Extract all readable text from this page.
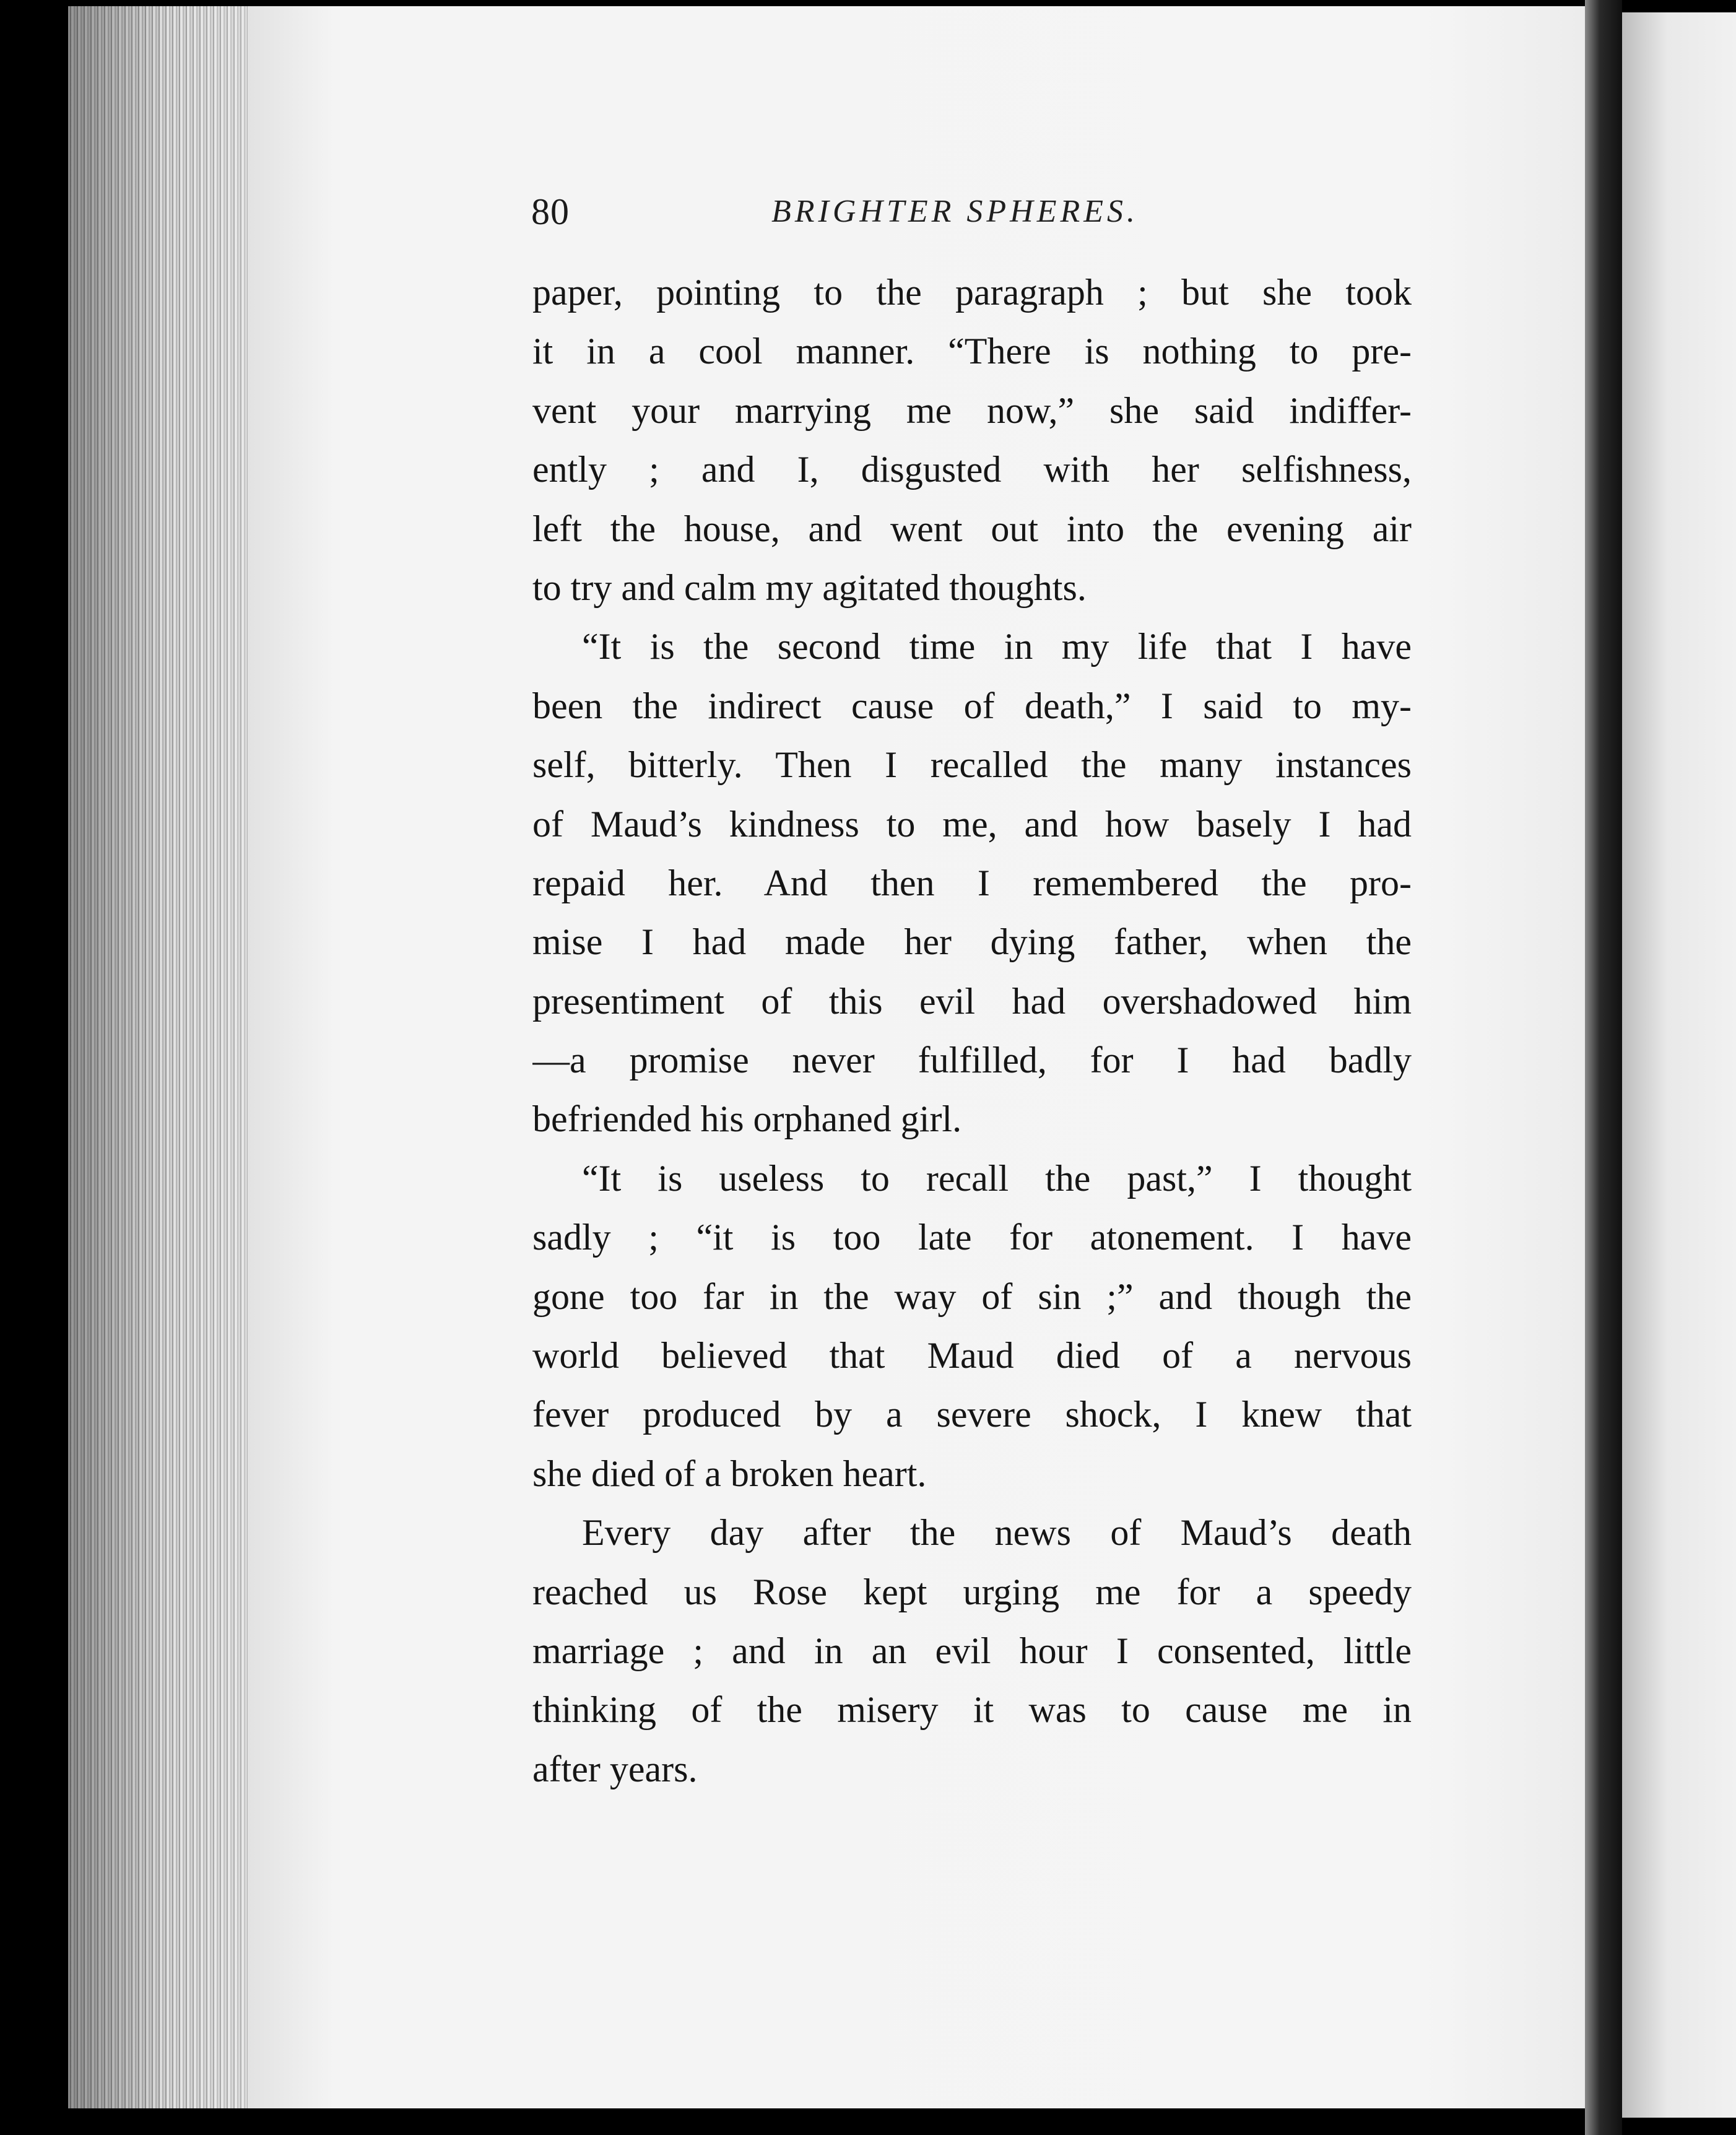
80	BRIGHTER SPHERES.
paper, pointing to the paragraph ; but she took
it in a cool manner. “There is nothing to pre-
vent your marrying me now,” she said indiffer-
ently ; and I, disgusted with her selfishness,
left the house, and went out into the evening air
to try and calm my agitated thoughts.
“It is the second time in my life that I have
been the indirect cause of death,” I said to my-
self, bitterly. Then I recalled the many instances
of Maud’s kindness to me, and how basely I had
repaid her. And then I remembered the pro-
mise I had made her dying father, when the
presentiment of this evil had overshadowed him
—a promise never fulfilled, for I had badly
befriended his orphaned girl.
“It is useless to recall the past,” I thought
sadly ; “it is too late for atonement. I have
gone too far in the way of sin ;” and though the
world believed that Maud died of a nervous
fever produced by a severe shock, I knew that
she died of a broken heart.
Every day after the news of Maud’s death
reached us Rose kept urging me for a speedy
marriage ; and in an evil hour I consented, little
thinking of the misery it was to cause me in
after years.
